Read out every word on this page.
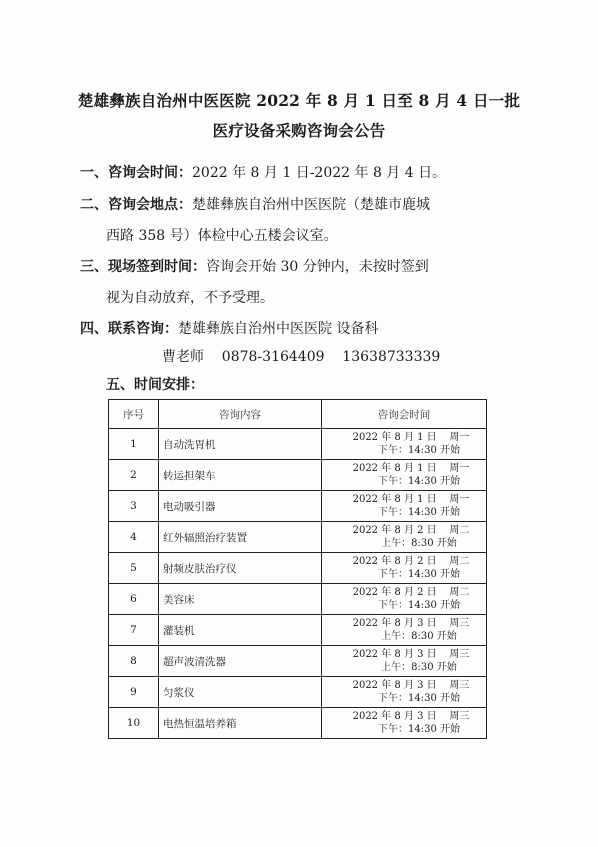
楚雄彝族自治州中医医院 2022 年 8 月 1 日至 8 月 4 日一批
医疗设备采购咨询会公告
一、咨询会时间：2022 年 8 月 1 日-2022 年 8 月 4 日。
二、咨询会地点：楚雄彝族自治州中医医院（楚雄市鹿城
西路 358 号）体检中心五楼会议室。
三、现场签到时间：咨询会开始 30 分钟内，未按时签到
视为自动放弃，不予受理。
四、联系咨询：楚雄彝族自治州中医医院 设备科
曹老师    0878-3164409    13638733339
五、时间安排：
序号	咨询内容	咨询会时间
1	自动洗胃机	2022 年 8 月 1 日    周一
下午：14:30 开始

2	转运担架车	2022 年 8 月 1 日    周一
下午：14:30 开始

3	电动吸引器	2022 年 8 月 1 日    周一
下午：14:30 开始

4	红外辐照治疗装置	2022 年 8 月 2 日    周二
上午：8:30 开始

5	射频皮肤治疗仪	2022 年 8 月 2 日    周二
下午：14:30 开始

6	美容床	2022 年 8 月 2 日    周二
下午：14:30 开始

7	灌装机	2022 年 8 月 3 日    周三
上午：8:30 开始

8	超声波清洗器	2022 年 8 月 3 日    周三
上午：8:30 开始

9	匀浆仪	2022 年 8 月 3 日    周三
下午：14:30 开始

10	电热恒温培养箱	2022 年 8 月 3 日    周三
下午：14:30 开始
